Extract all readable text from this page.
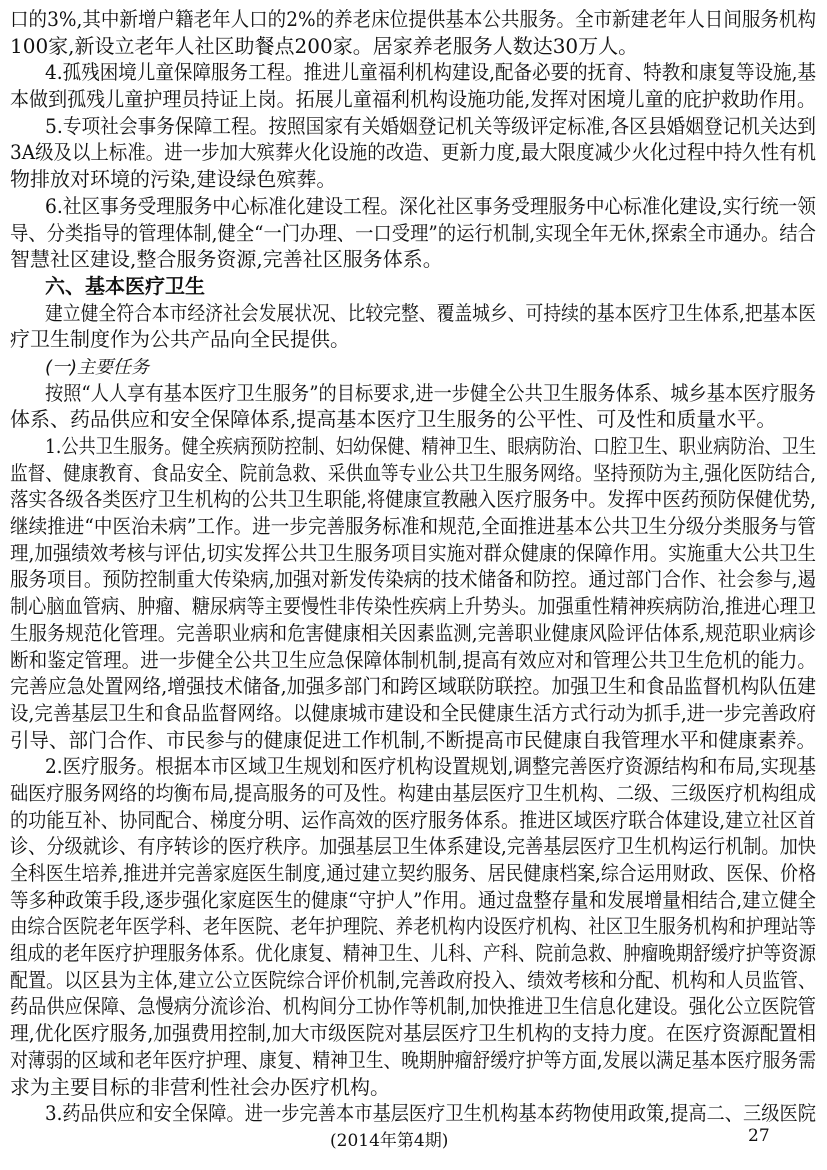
口的3%,其中新增户籍老年人口的2%的养老床位提供基本公共服务。全市新建老年人日间服务机构
100家,新设立老年人社区助餐点200家。居家养老服务人数达30万人。
4.孤残困境儿童保障服务工程。推进儿童福利机构建设,配备必要的抚育、特教和康复等设施,基
本做到孤残儿童护理员持证上岗。拓展儿童福利机构设施功能,发挥对困境儿童的庇护救助作用。
5.专项社会事务保障工程。按照国家有关婚姻登记机关等级评定标准,各区县婚姻登记机关达到
3A级及以上标准。进一步加大殡葬火化设施的改造、更新力度,最大限度减少火化过程中持久性有机
物排放对环境的污染,建设绿色殡葬。
6.社区事务受理服务中心标准化建设工程。深化社区事务受理服务中心标准化建设,实行统一领
导、分类指导的管理体制,健全“一门办理、一口受理”的运行机制,实现全年无休,探索全市通办。结合
智慧社区建设,整合服务资源,完善社区服务体系。
六、基本医疗卫生
建立健全符合本市经济社会发展状况、比较完整、覆盖城乡、可持续的基本医疗卫生体系,把基本医
疗卫生制度作为公共产品向全民提供。
(一)主要任务
按照“人人享有基本医疗卫生服务”的目标要求,进一步健全公共卫生服务体系、城乡基本医疗服务
体系、药品供应和安全保障体系,提高基本医疗卫生服务的公平性、可及性和质量水平。
1.公共卫生服务。健全疾病预防控制、妇幼保健、精神卫生、眼病防治、口腔卫生、职业病防治、卫生
监督、健康教育、食品安全、院前急救、采供血等专业公共卫生服务网络。坚持预防为主,强化医防结合,
落实各级各类医疗卫生机构的公共卫生职能,将健康宣教融入医疗服务中。发挥中医药预防保健优势,
继续推进“中医治未病”工作。进一步完善服务标准和规范,全面推进基本公共卫生分级分类服务与管
理,加强绩效考核与评估,切实发挥公共卫生服务项目实施对群众健康的保障作用。实施重大公共卫生
服务项目。预防控制重大传染病,加强对新发传染病的技术储备和防控。通过部门合作、社会参与,遏
制心脑血管病、肿瘤、糖尿病等主要慢性非传染性疾病上升势头。加强重性精神疾病防治,推进心理卫
生服务规范化管理。完善职业病和危害健康相关因素监测,完善职业健康风险评估体系,规范职业病诊
断和鉴定管理。进一步健全公共卫生应急保障体制机制,提高有效应对和管理公共卫生危机的能力。
完善应急处置网络,增强技术储备,加强多部门和跨区域联防联控。加强卫生和食品监督机构队伍建
设,完善基层卫生和食品监督网络。以健康城市建设和全民健康生活方式行动为抓手,进一步完善政府
引导、部门合作、市民参与的健康促进工作机制,不断提高市民健康自我管理水平和健康素养。
2.医疗服务。根据本市区域卫生规划和医疗机构设置规划,调整完善医疗资源结构和布局,实现基
础医疗服务网络的均衡布局,提高服务的可及性。构建由基层医疗卫生机构、二级、三级医疗机构组成
的功能互补、协同配合、梯度分明、运作高效的医疗服务体系。推进区域医疗联合体建设,建立社区首
诊、分级就诊、有序转诊的医疗秩序。加强基层卫生体系建设,完善基层医疗卫生机构运行机制。加快
全科医生培养,推进并完善家庭医生制度,通过建立契约服务、居民健康档案,综合运用财政、医保、价格
等多种政策手段,逐步强化家庭医生的健康“守护人”作用。通过盘整存量和发展增量相结合,建立健全
由综合医院老年医学科、老年医院、老年护理院、养老机构内设医疗机构、社区卫生服务机构和护理站等
组成的老年医疗护理服务体系。优化康复、精神卫生、儿科、产科、院前急救、肿瘤晚期舒缓疗护等资源
配置。以区县为主体,建立公立医院综合评价机制,完善政府投入、绩效考核和分配、机构和人员监管、
药品供应保障、急慢病分流诊治、机构间分工协作等机制,加快推进卫生信息化建设。强化公立医院管
理,优化医疗服务,加强费用控制,加大市级医院对基层医疗卫生机构的支持力度。在医疗资源配置相
对薄弱的区域和老年医疗护理、康复、精神卫生、晚期肿瘤舒缓疗护等方面,发展以满足基本医疗服务需
求为主要目标的非营利性社会办医疗机构。
3.药品供应和安全保障。进一步完善本市基层医疗卫生机构基本药物使用政策,提高二、三级医院
(2014年第4期)	27
